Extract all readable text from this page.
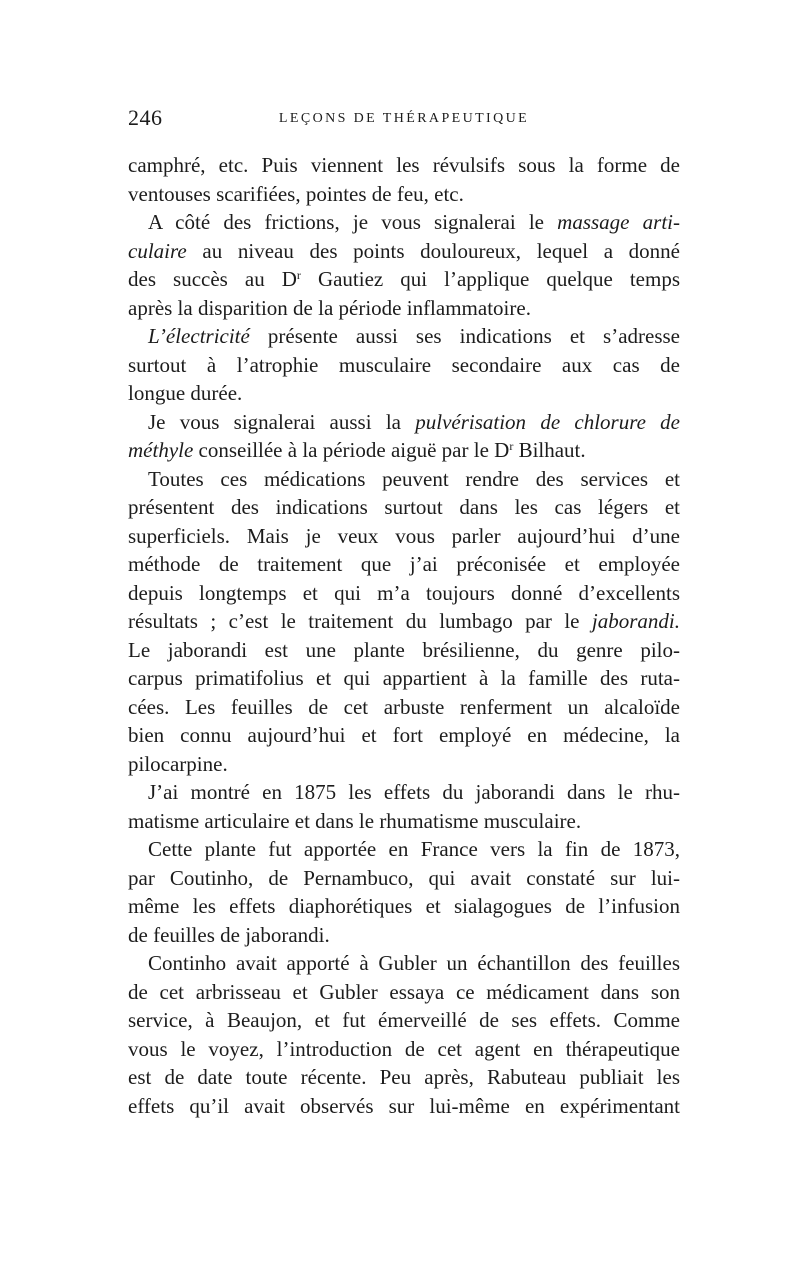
246	LEÇONS DE THÉRAPEUTIQUE
camphré, etc. Puis viennent les révulsifs sous la forme de
ventouses scarifiées, pointes de feu, etc.
A côté des frictions, je vous signalerai le massage arti-
culaire au niveau des points douloureux, lequel a donné
des succès au $D^r$ Gautiez qui l’applique quelque temps
après la disparition de la période inflammatoire.
L’électricité présente aussi ses indications et s’adresse
surtout à l’atrophie musculaire secondaire aux cas de
longue durée.
Je vous signalerai aussi la pulvérisation de chlorure de
méthyle conseillée à la période aiguë par le $D^r$ Bilhaut.
Toutes ces médications peuvent rendre des services et
présentent des indications surtout dans les cas légers et
superficiels. Mais je veux vous parler aujourd’hui d’une
méthode de traitement que j’ai préconisée et employée
depuis longtemps et qui m’a toujours donné d’excellents
résultats ; c’est le traitement du lumbago par le jaborandi.
Le jaborandi est une plante brésilienne, du genre pilo-
carpus primatifolius et qui appartient à la famille des ruta-
cées. Les feuilles de cet arbuste renferment un alcaloïde
bien connu aujourd’hui et fort employé en médecine, la
pilocarpine.
J’ai montré en 1875 les effets du jaborandi dans le rhu-
matisme articulaire et dans le rhumatisme musculaire.
Cette plante fut apportée en France vers la fin de 1873,
par Coutinho, de Pernambuco, qui avait constaté sur lui-
même les effets diaphorétiques et sialagogues de l’infusion
de feuilles de jaborandi.
Continho avait apporté à Gubler un échantillon des feuilles
de cet arbrisseau et Gubler essaya ce médicament dans son
service, à Beaujon, et fut émerveillé de ses effets. Comme
vous le voyez, l’introduction de cet agent en thérapeutique
est de date toute récente. Peu après, Rabuteau publiait les
effets qu’il avait observés sur lui-même en expérimentant
